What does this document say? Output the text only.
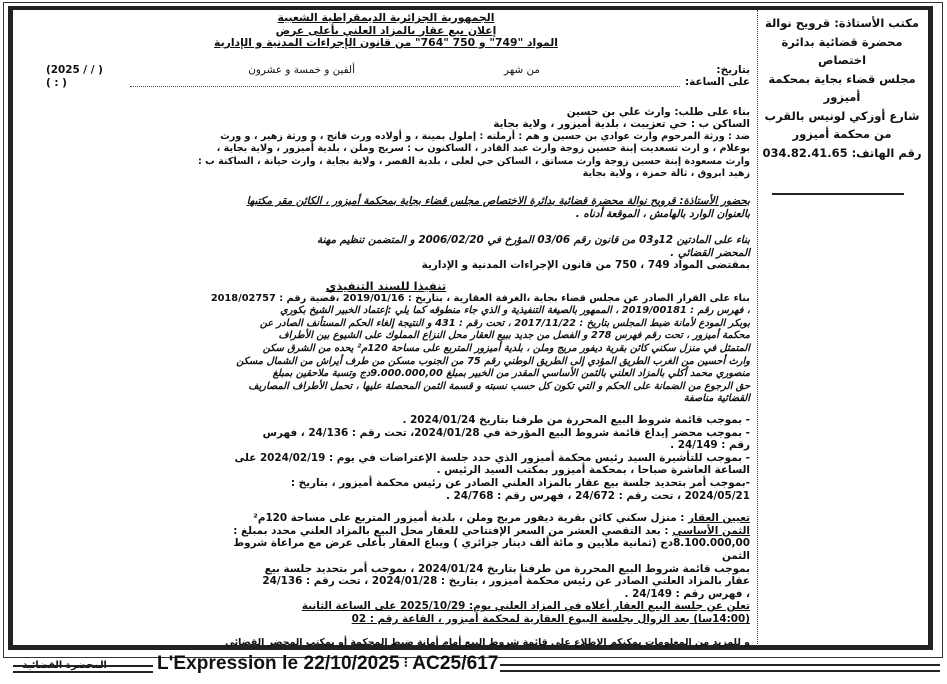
مكتب الأستاذة: قرويح نوالة
محضرة قضائية بدائرة اختصاص
مجلس قضاء بجاية بمحكمة
أميزور
شارع أوزكي لونيس بالقرب
من محكمة أميزور
رقم الهاتف: 034.82.41.65
الجمهورية الجزائرية الديمقراطية الشعبية
إعلان بيع عقار بالمزاد العلني بأعلى عرض
المواد "749" و 750 "764" من قانون الإجراءات المدنية و الإدارية
بتاريخ:
من شهر
ألفين و خمسة و عشرون
(2025 / / )
على الساعة:
( : )
بناء على طلب: وارث علي بن حسين
الساكن ب : حي تعزيبت ، بلدية أميزور ، ولاية بجاية
ضد : ورثة المرحوم وارث عوادي بن حسين و هم : أرملته : إملول بمينة ، و أولاده ورث فاتح ، و ورثة زهير ، و ورث
بوعلام ، و ارث تسعديت إبنة حسين زوجة وارث عبد القادر ، الساكنون ب : سريج وملن ، بلدية أميزور ، ولاية بجاية ،
وارث مسعودة إبنة حسين زوجة وارث مساتق ، الساكن حي لعلى ، بلدية القصر ، ولاية بجاية ، وارث حيانة ، الساكنة ب :
زهيد ابروق ، ثالة حمزة ، ولاية بجاية
بحضور الأستاذة: قرويح نوالة محضرة قضائية بدائرة الاختصاص مجلس قضاء بجاية بمحكمة أميزور ، الكائن مقر مكتبها
بالعنوان الوارد بالهامش ، الموقعة أدناه .
بناء على المادتين 12و03 من قانون رقم 03/06 المؤرخ في 2006/02/20 و المتضمن تنظيم مهنة
المحضر القضائي .
بمقتضى المواد 749 ، 750 من قانون الإجراءات المدنية و الإدارية
تنفيذا للسند التنفيذي
بناء على القرار الصادر عن مجلس قضاء بجاية ،الغرفة العقارية ، بتاريخ : 2019/01/16 ،قضية رقم : 2018/02757
، فهرس رقم : 2019/00181 ، الممهور بالصيغة التنفيذية و الذي جاء منطوقه كما يلي :إعتماد الخبير الشيخ بكوري
بوبكر المودع لأمانة ضبط المجلس بتاريخ : 2017/11/22 ، تحت رقم : 431 و النتيجة إلغاء الحكم المستأنف الصادر عن
محكمة أميزور ، تحت رقم فهرس 278 و الفصل من جديد ببيع العقار محل النزاع المملوك على الشيوع بين الأطراف
المتمثل في منزل سكني كائن بقرية ديفور مريج وملن ، بلدية أميزور المتربع على مساحة 120م² يحده من الشرق سكن
وارث أحسين من الغرب الطريق المؤدي إلى الطريق الوطني رقم 75 من الجنوب مسكن من طرف أيراش من الشمال مسكن
منصوري محمد أكلي بالمزاد العلني بالثمن الأساسي المقدر من الخبير بمبلغ 9.000.000,00دج وتسبة ملاحقين بمبلغ
حق الرجوع من الضمانة على الحكم و التي تكون كل حسب نسبته و قسمة الثمن المحصلة عليها ، تحمل الأطراف المصاريف
القضائية مناصفة
- بموجب قائمة شروط البيع المحررة من طرفنا بتاريخ 2024/01/24 .
- بموجب محضر إيداع قائمة شروط البيع المؤرخة في 2024/01/28، تحت رقم : 24/136 ، فهرس
رقم : 24/149 .
- بموجب للتأشيرة السيد رئيس محكمة أميزور الذي حدد جلسة الإعتراضات في يوم : 2024/02/19 على
الساعة العاشرة صباحا ، بمحكمة أميزور بمكتب السيد الرئيس .
-بموجب أمر بتحديد جلسة بيع عقار بالمزاد العلني الصادر عن رئيس محكمة أميزور ، بتاريخ :
2024/05/21 ، تحت رقم : 24/672 ، فهرس رقم : 24/768 .
تعيين العقار : منزل سكني كائن بقرية ديفور مريج وملن ، بلدية أميزور المتربع على مساحة 120م²
الثمن الأساسي : بعد التقصي العشر من السعر الإفتتاحي للعقار محل البيع بالمزاد العلني محدد بمبلغ :
8.100.000,00دج (ثمانية ملايين و مائة ألف دينار جزائري ) ويباع العقار بأعلى عرض مع مراعاة شروط
الثمن
بموجب قائمة شروط البيع المحررة من طرفنا بتاريخ 2024/01/24 ، بموجب أمر بتحديد جلسة بيع
عقار بالمزاد العلني الصادر عن رئيس محكمة أميزور ، بتاريخ : 2024/01/28 ، تحت رقم : 24/136
، فهرس رقم : 24/149 .
تعلن عن جلسة البيع العقار أعلاه في المزاد العلني يوم: 2025/10/29 على الساعة الثانية
(14:00سا) بعد الزوال بجلسة البيوع العقارية لمحكمة أميزور ، القاعة رقم : 02
و للمزيد من المعلومات يمكنكم الإطلاع على قائمة شروط البيع أمام أمانة ضبط المحكمة أو بمكتب المحضر القضائي
المحضرة القضائية	L'Expression le 22/10/2025 ⁝ AC25/617
